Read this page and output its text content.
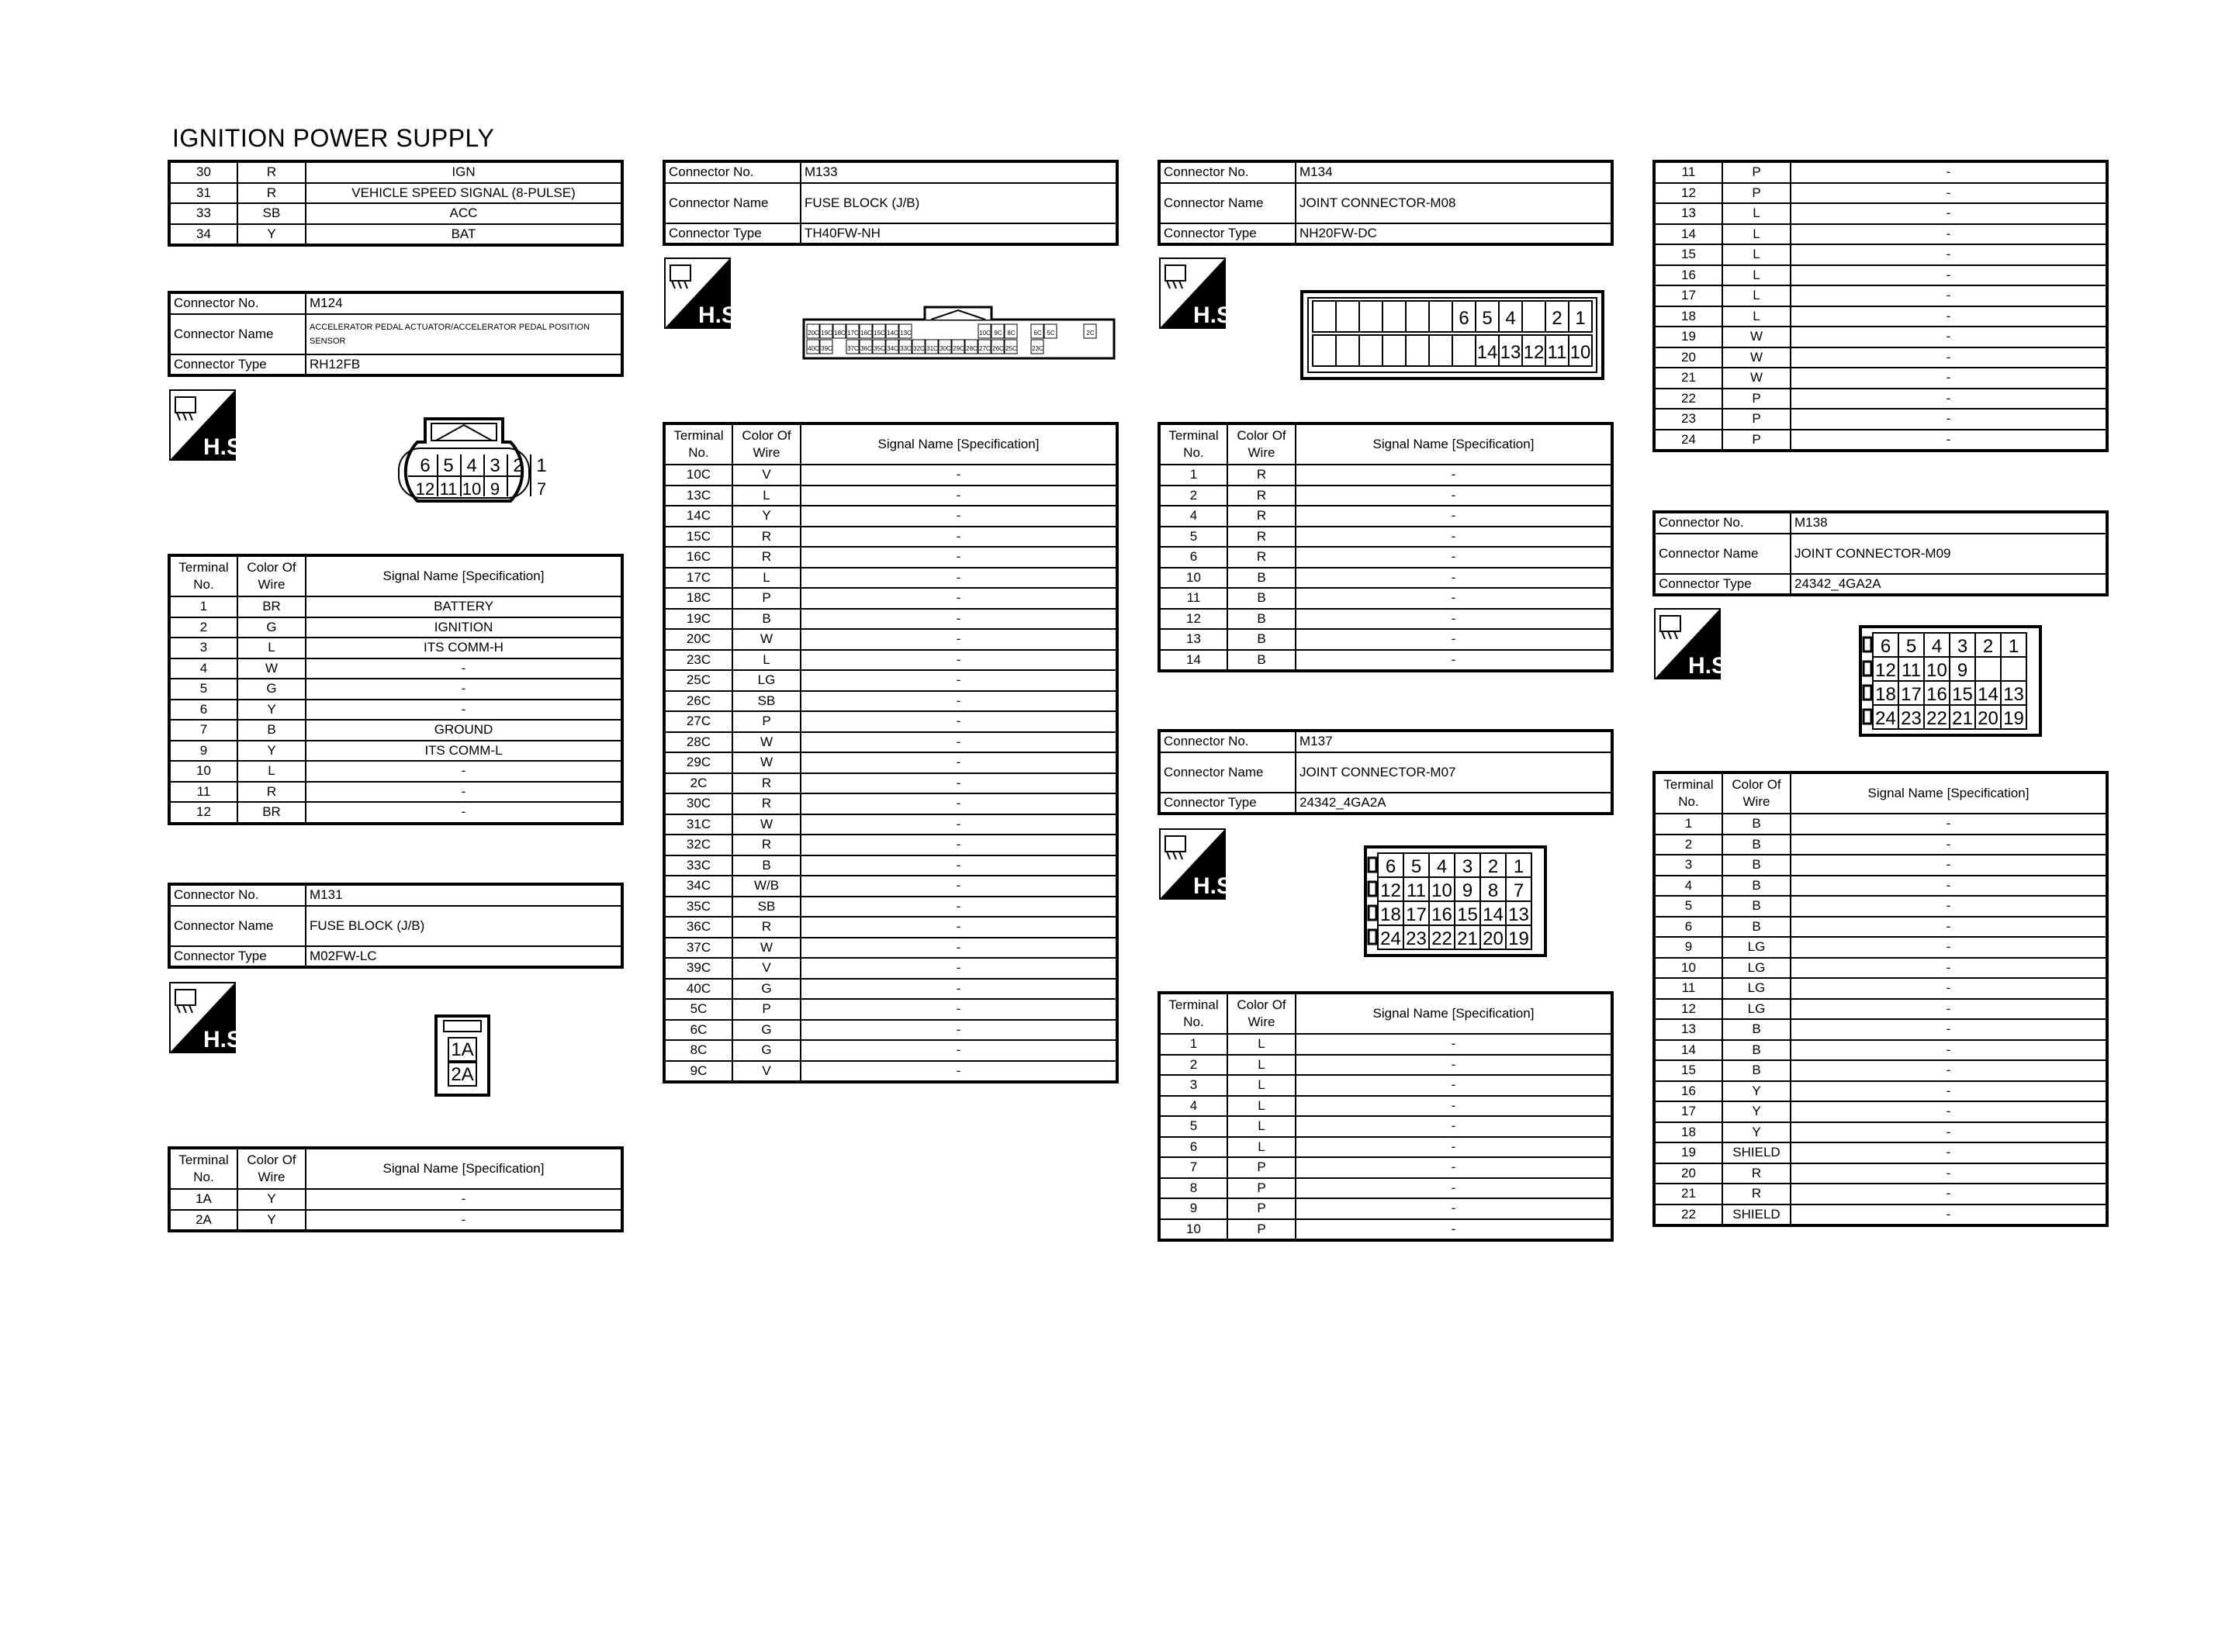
IGNITION POWER SUPPLY
30	R	IGN
31	R	VEHICLE SPEED SIGNAL (8-PULSE)
33	SB	ACC
34	Y	BAT
Connector No.	M124
Connector Name	ACCELERATOR PEDAL ACTUATOR/ACCELERATOR PEDAL POSITION SENSOR
Connector Type	RH12FB
H.S.
6 5 4 3 2 1
12 11 10 9 7
Terminal No.	Color Of Wire	Signal Name [Specification]
1	BR	BATTERY
2	G	IGNITION
3	L	ITS COMM-H
4	W	-
5	G	-
6	Y	-
7	B	GROUND
9	Y	ITS COMM-L
10	L	-
11	R	-
12	BR	-
Connector No.	M131
Connector Name	FUSE BLOCK (J/B)
Connector Type	M02FW-LC
H.S.	1A
2A
Terminal No.	Color Of Wire	Signal Name [Specification]
1A	Y	-
2A	Y	-
Connector No.	M133
Connector Name	FUSE BLOCK (J/B)
Connector Type	TH40FW-NH
H.S.
20C 19C 18C 17C 16C 15C 14C 13C	10C 9C 8C	6C 5C	2C
40C 39C 37C 36C 35C 34C 33C 32C 31C 30C 29C 28C 27C 26C 25C 23C
Terminal No.	Color Of Wire	Signal Name [Specification]
10C	V	-
13C	L	-
14C	Y	-
15C	R	-
16C	R	-
17C	L	-
18C	P	-
19C	B	-
20C	W	-
23C	L	-
25C	LG	-
26C	SB	-
27C	P	-
28C	W	-
29C	W	-
2C	R	-
30C	R	-
31C	W	-
32C	R	-
33C	B	-
34C	W/B	-
35C	SB	-
36C	R	-
37C	W	-
39C	V	-
40C	G	-
5C	P	-
6C	G	-
8C	G	-
9C	V	-
Connector No.	M134
Connector Name	JOINT CONNECTOR-M08
Connector Type	NH20FW-DC
H.S.	6 5 4 2 1
14 13 12 11 10
Terminal No.	Color Of Wire	Signal Name [Specification]
1	R	-
2	R	-
4	R	-
5	R	-
6	R	-
10	B	-
11	B	-
12	B	-
13	B	-
14	B	-
Connector No.	M137
Connector Name	JOINT CONNECTOR-M07
Connector Type	24342_4GA2A
H.S.
6 5 4 3 2 1
12 11 10 9 8 7
18 17 16 15 14 13
24 23 22 21 20 19
Terminal No.	Color Of Wire	Signal Name [Specification]
1	L	-
2	L	-
3	L	-
4	L	-
5	L	-
6	L	-
7	P	-
8	P	-
9	P	-
10	P	-
11	P	-
12	P	-
13	L	-
14	L	-
15	L	-
16	L	-
17	L	-
18	L	-
19	W	-
20	W	-
21	W	-
22	P	-
23	P	-
24	P	-
Connector No.	M138
Connector Name	JOINT CONNECTOR-M09
Connector Type	24342_4GA2A
H.S.
6 5 4 3 2 1
12 11 10 9
18 17 16 15 14 13
24 23 22 21 20 19
Terminal No.	Color Of Wire	Signal Name [Specification]
1	B	-
2	B	-
3	B	-
4	B	-
5	B	-
6	B	-
9	LG	-
10	LG	-
11	LG	-
12	LG	-
13	B	-
14	B	-
15	B	-
16	Y	-
17	Y	-
18	Y	-
19	SHIELD	-
20	R	-
21	R	-
22	SHIELD	-
